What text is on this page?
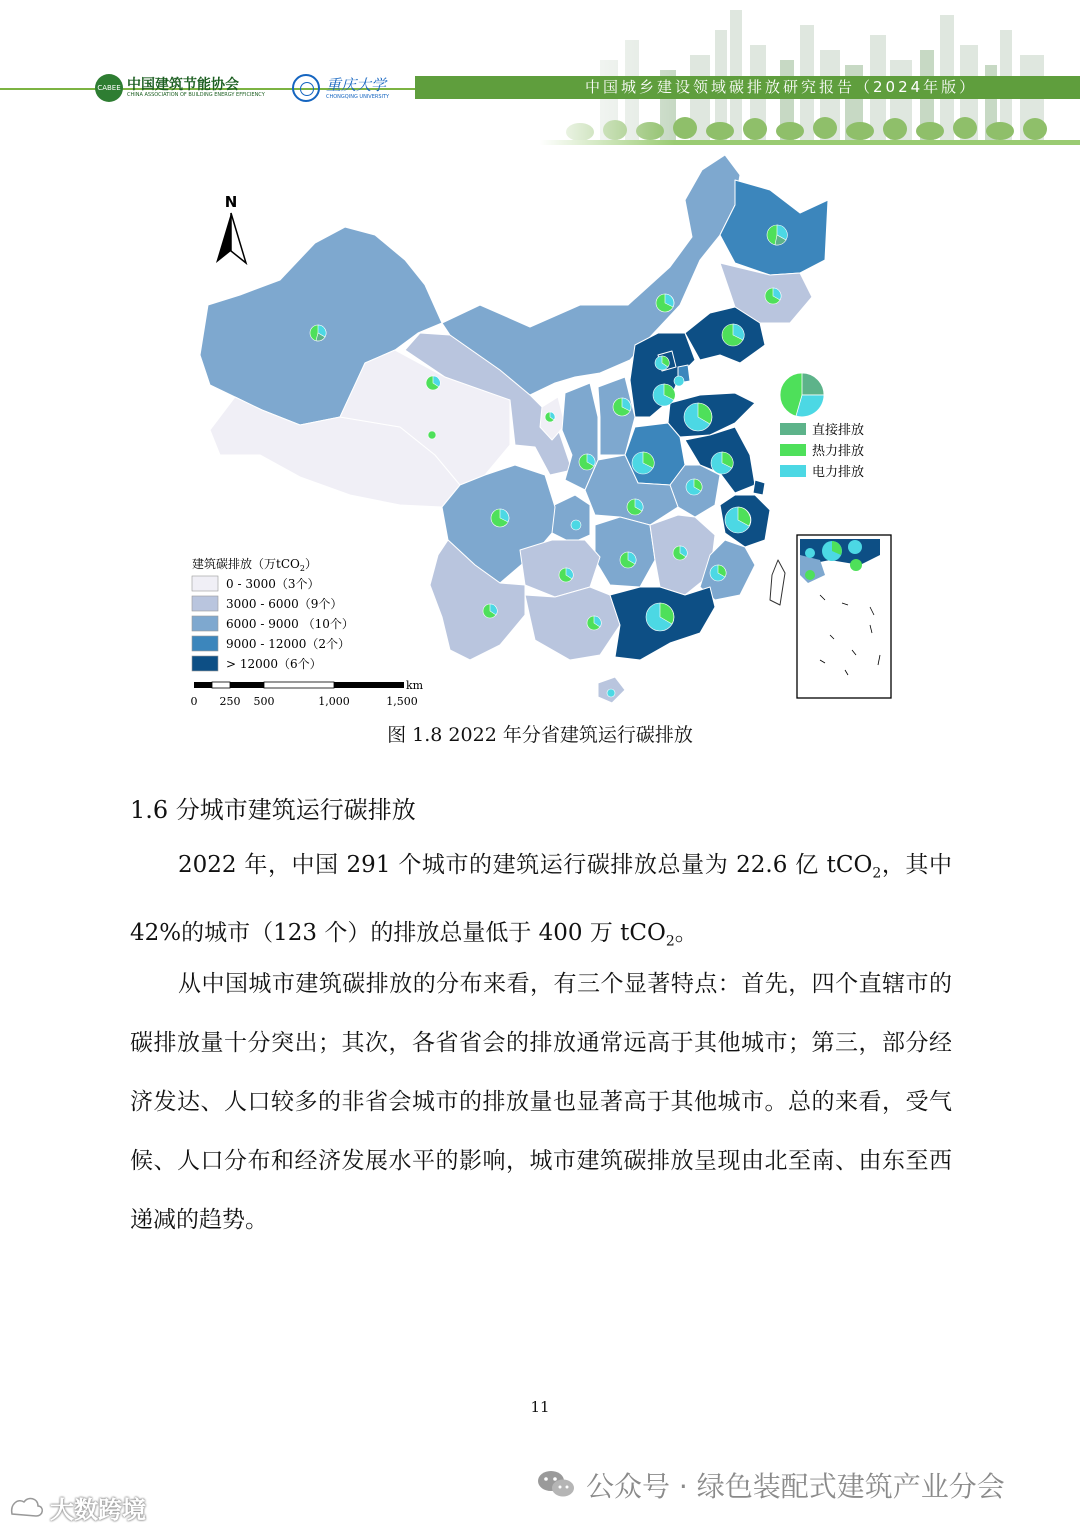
中国城乡建设领域碳排放研究报告（2024年版）
CABEE 中国建筑节能协会
CHINA ASSOCIATION OF BUILDING ENERGY EFFICIENCY
重庆大学
CHONGQING UNIVERSITY
N
直接排放
热力排放
电力排放
建筑碳排放（万tCO$_2$）
0 - 3000（3个）
3000 - 6000（9个）
6000 - 9000 （10个）
9000 - 12000（2个）
> 12000（6个）
km
0 250 500	1,000	1,500
图 1.8 2022 年分省建筑运行碳排放
1.6 分城市建筑运行碳排放
2022 年，中国 291 个城市的建筑运行碳排放总量为 22.6 亿 tCO$_2$，其中 42%的城市（123 个）的排放总量低于 400 万 tCO$_2$。
从中国城市建筑碳排放的分布来看，有三个显著特点：首先，四个直辖市的碳排放量十分突出；其次，各省省会的排放通常远高于其他城市；第三，部分经济发达、人口较多的非省会城市的排放量也显著高于其他城市。总的来看，受气候、人口分布和经济发展水平的影响，城市建筑碳排放呈现由北至南、由东至西递减的趋势。
11
公众号 · 绿色装配式建筑产业分会
大数跨境
